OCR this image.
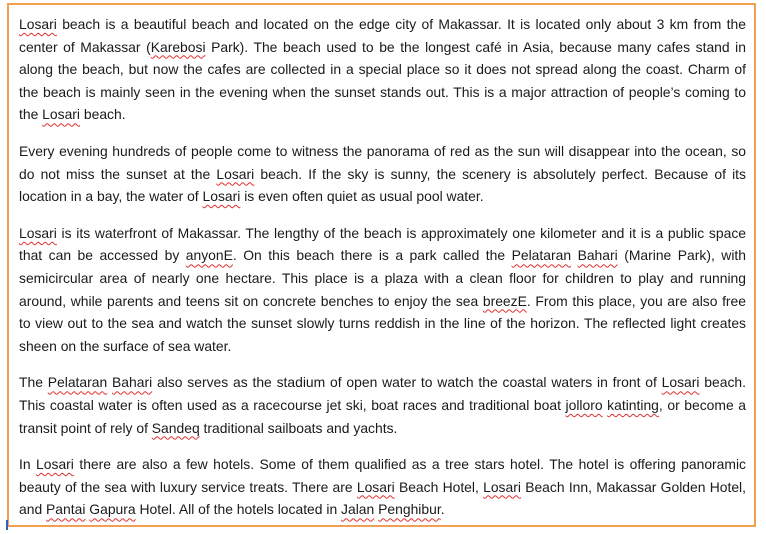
Losari beach is a beautiful beach and located on the edge city of Makassar. It is located only about 3 km from the center of Makassar (Karebosi Park). The beach used to be the longest café in Asia, because many cafes stand in along the beach, but now the cafes are collected in a special place so it does not spread along the coast. Charm of the beach is mainly seen in the evening when the sunset stands out. This is a major attraction of people’s coming to the Losari beach.

Every evening hundreds of people come to witness the panorama of red as the sun will disappear into the ocean, so do not miss the sunset at the Losari beach. If the sky is sunny, the scenery is absolutely perfect. Because of its location in a bay, the water of Losari is even often quiet as usual pool water.

Losari is its waterfront of Makassar. The lengthy of the beach is approximately one kilometer and it is a public space that can be accessed by anyonE. On this beach there is a park called the Pelataran Bahari (Marine Park), with semicircular area of nearly one hectare. This place is a plaza with a clean floor for children to play and running around, while parents and teens sit on concrete benches to enjoy the sea breezE. From this place, you are also free to view out to the sea and watch the sunset slowly turns reddish in the line of the horizon. The reflected light creates sheen on the surface of sea water.

The Pelataran Bahari also serves as the stadium of open water to watch the coastal waters in front of Losari beach. This coastal water is often used as a racecourse jet ski, boat races and traditional boat jolloro katinting, or become a transit point of rely of Sandeq traditional sailboats and yachts.

In Losari there are also a few hotels. Some of them qualified as a tree stars hotel. The hotel is offering panoramic beauty of the sea with luxury service treats. There are Losari Beach Hotel, Losari Beach Inn, Makassar Golden Hotel, and Pantai Gapura Hotel. All of the hotels located in Jalan Penghibur.
